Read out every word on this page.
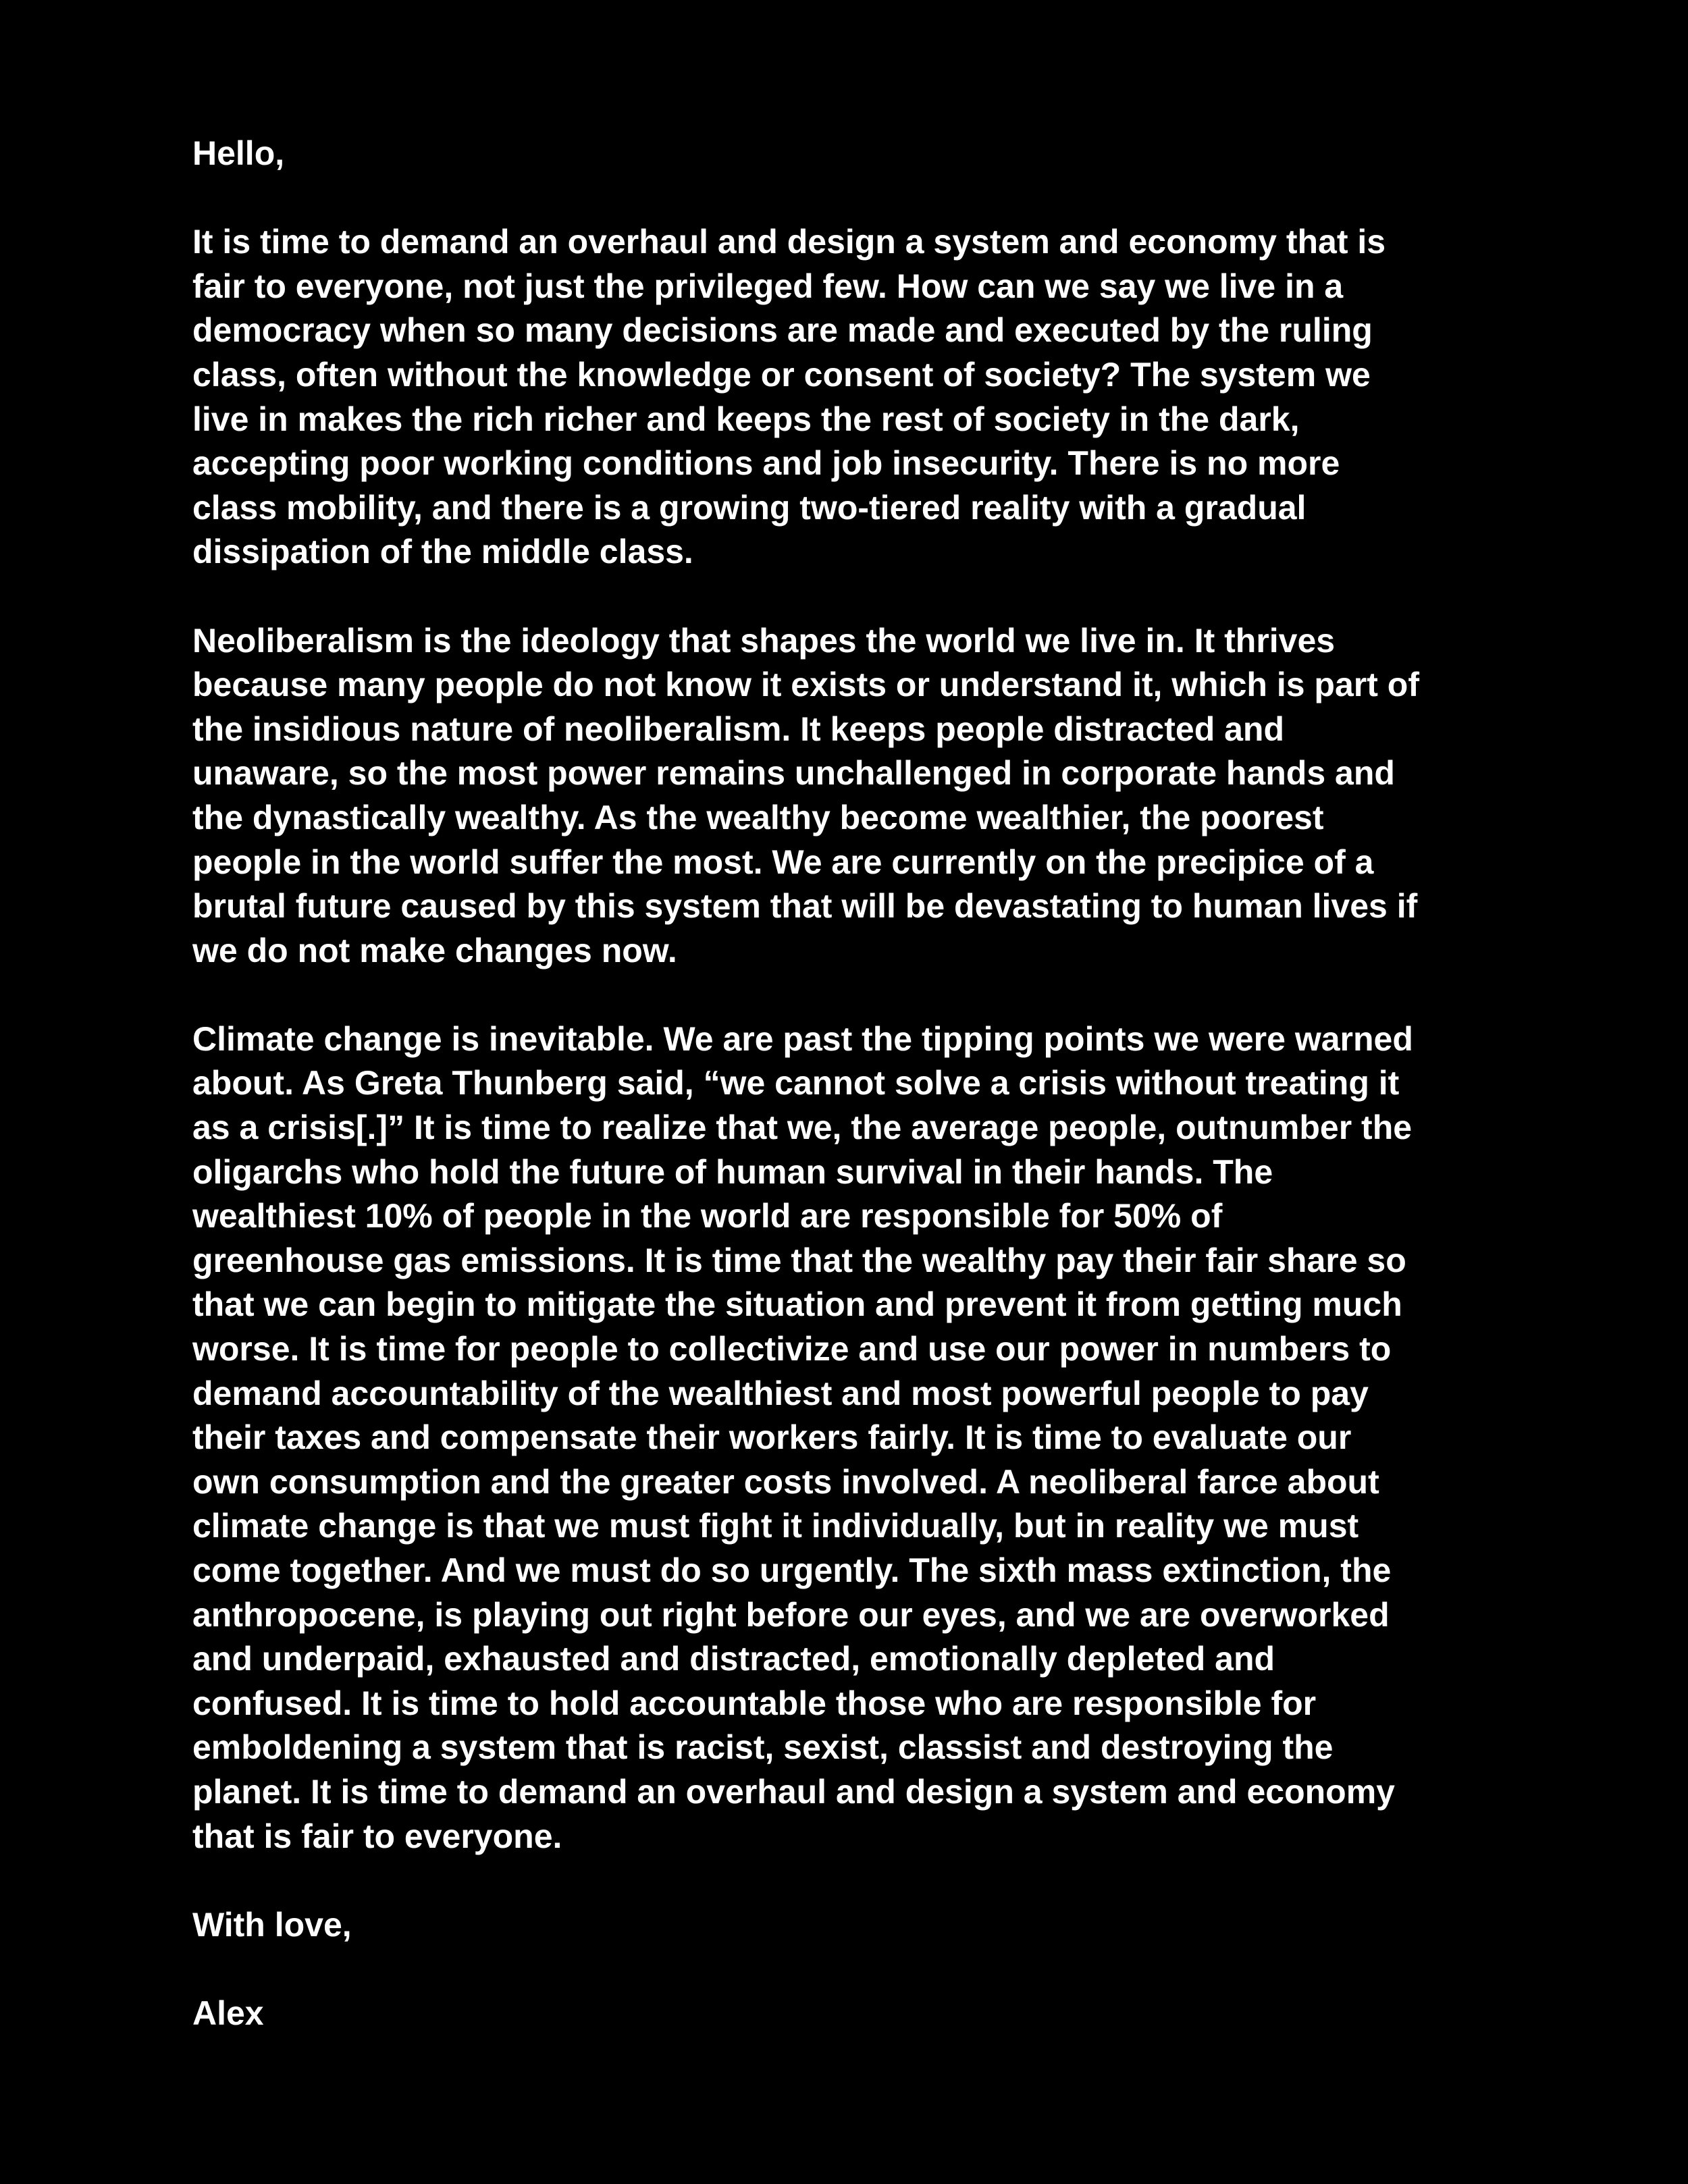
Hello,
It is time to demand an overhaul and design a system and economy that is
fair to everyone, not just the privileged few. How can we say we live in a
democracy when so many decisions are made and executed by the ruling
class, often without the knowledge or consent of society? The system we
live in makes the rich richer and keeps the rest of society in the dark,
accepting poor working conditions and job insecurity. There is no more
class mobility, and there is a growing two-tiered reality with a gradual
dissipation of the middle class.
Neoliberalism is the ideology that shapes the world we live in. It thrives
because many people do not know it exists or understand it, which is part of
the insidious nature of neoliberalism. It keeps people distracted and
unaware, so the most power remains unchallenged in corporate hands and
the dynastically wealthy. As the wealthy become wealthier, the poorest
people in the world suffer the most. We are currently on the precipice of a
brutal future caused by this system that will be devastating to human lives if
we do not make changes now.
Climate change is inevitable. We are past the tipping points we were warned
about. As Greta Thunberg said, “we cannot solve a crisis without treating it
as a crisis[.]” It is time to realize that we, the average people, outnumber the
oligarchs who hold the future of human survival in their hands. The
wealthiest 10% of people in the world are responsible for 50% of
greenhouse gas emissions. It is time that the wealthy pay their fair share so
that we can begin to mitigate the situation and prevent it from getting much
worse. It is time for people to collectivize and use our power in numbers to
demand accountability of the wealthiest and most powerful people to pay
their taxes and compensate their workers fairly. It is time to evaluate our
own consumption and the greater costs involved. A neoliberal farce about
climate change is that we must fight it individually, but in reality we must
come together. And we must do so urgently. The sixth mass extinction, the
anthropocene, is playing out right before our eyes, and we are overworked
and underpaid, exhausted and distracted, emotionally depleted and
confused. It is time to hold accountable those who are responsible for
emboldening a system that is racist, sexist, classist and destroying the
planet. It is time to demand an overhaul and design a system and economy
that is fair to everyone.
With love,
Alex
